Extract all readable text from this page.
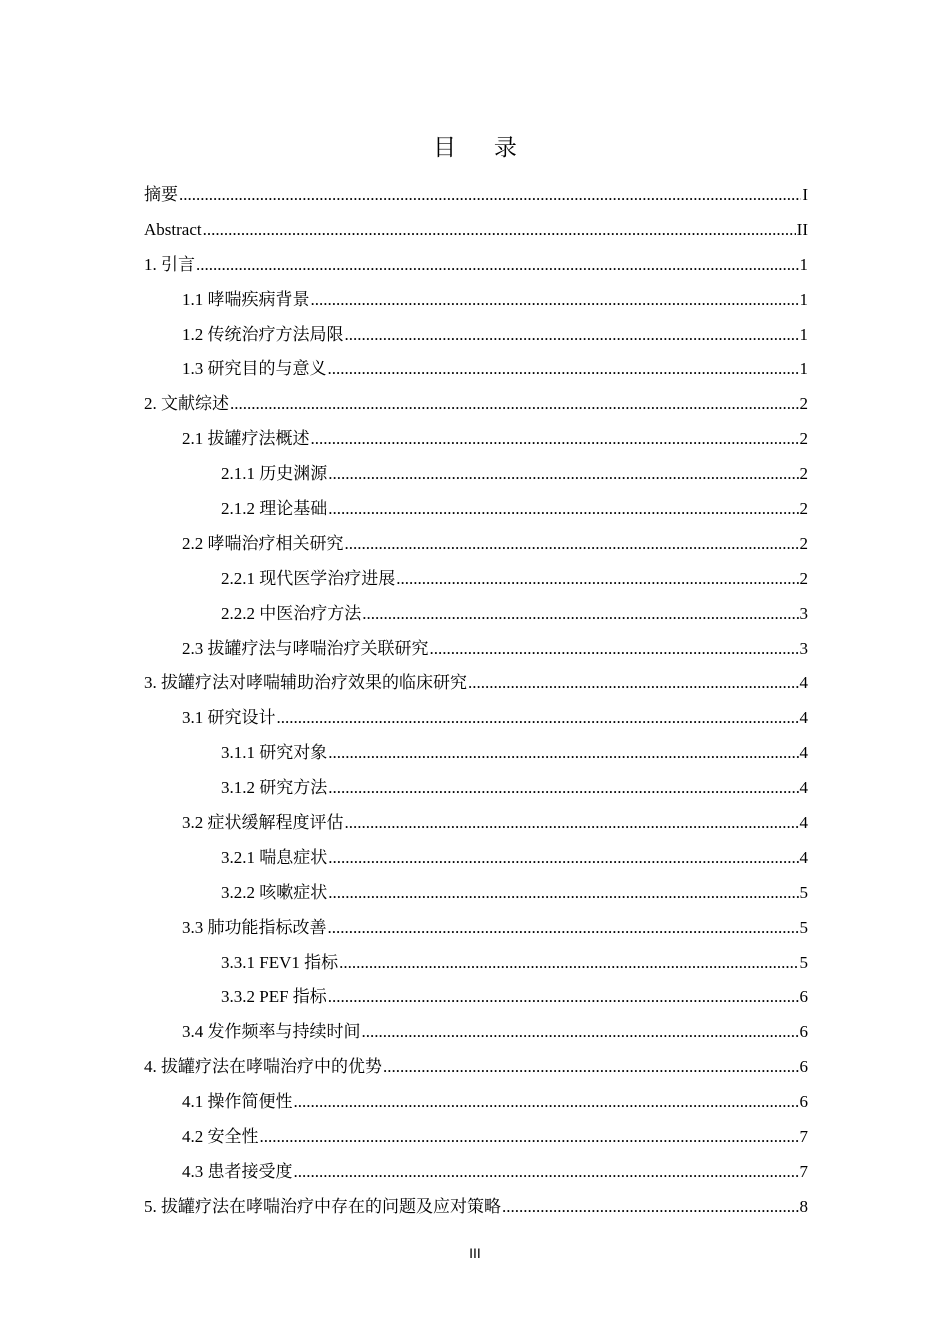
目 录
摘要 .....	I
Abstract .....	II
1. 引言 .....	1
1.1 哮喘疾病背景 .....	1
1.2 传统治疗方法局限 .....	1
1.3 研究目的与意义 .....	1
2. 文献综述 .....	2
2.1 拔罐疗法概述 .....	2
2.1.1 历史渊源 .....	2
2.1.2 理论基础 .....	2
2.2 哮喘治疗相关研究 .....	2
2.2.1 现代医学治疗进展 .....	2
2.2.2 中医治疗方法 .....	3
2.3 拔罐疗法与哮喘治疗关联研究 .....	3
3. 拔罐疗法对哮喘辅助治疗效果的临床研究 .....	4
3.1 研究设计 .....	4
3.1.1 研究对象 .....	4
3.1.2 研究方法 .....	4
3.2 症状缓解程度评估 .....	4
3.2.1 喘息症状 .....	4
3.2.2 咳嗽症状 .....	5
3.3 肺功能指标改善 .....	5
3.3.1 FEV1 指标 .....	5
3.3.2 PEF 指标 .....	6
3.4 发作频率与持续时间 .....	6
4. 拔罐疗法在哮喘治疗中的优势 .....	6
4.1 操作简便性 .....	6
4.2 安全性 .....	7
4.3 患者接受度 .....	7
5. 拔罐疗法在哮喘治疗中存在的问题及应对策略 .....	8
III
